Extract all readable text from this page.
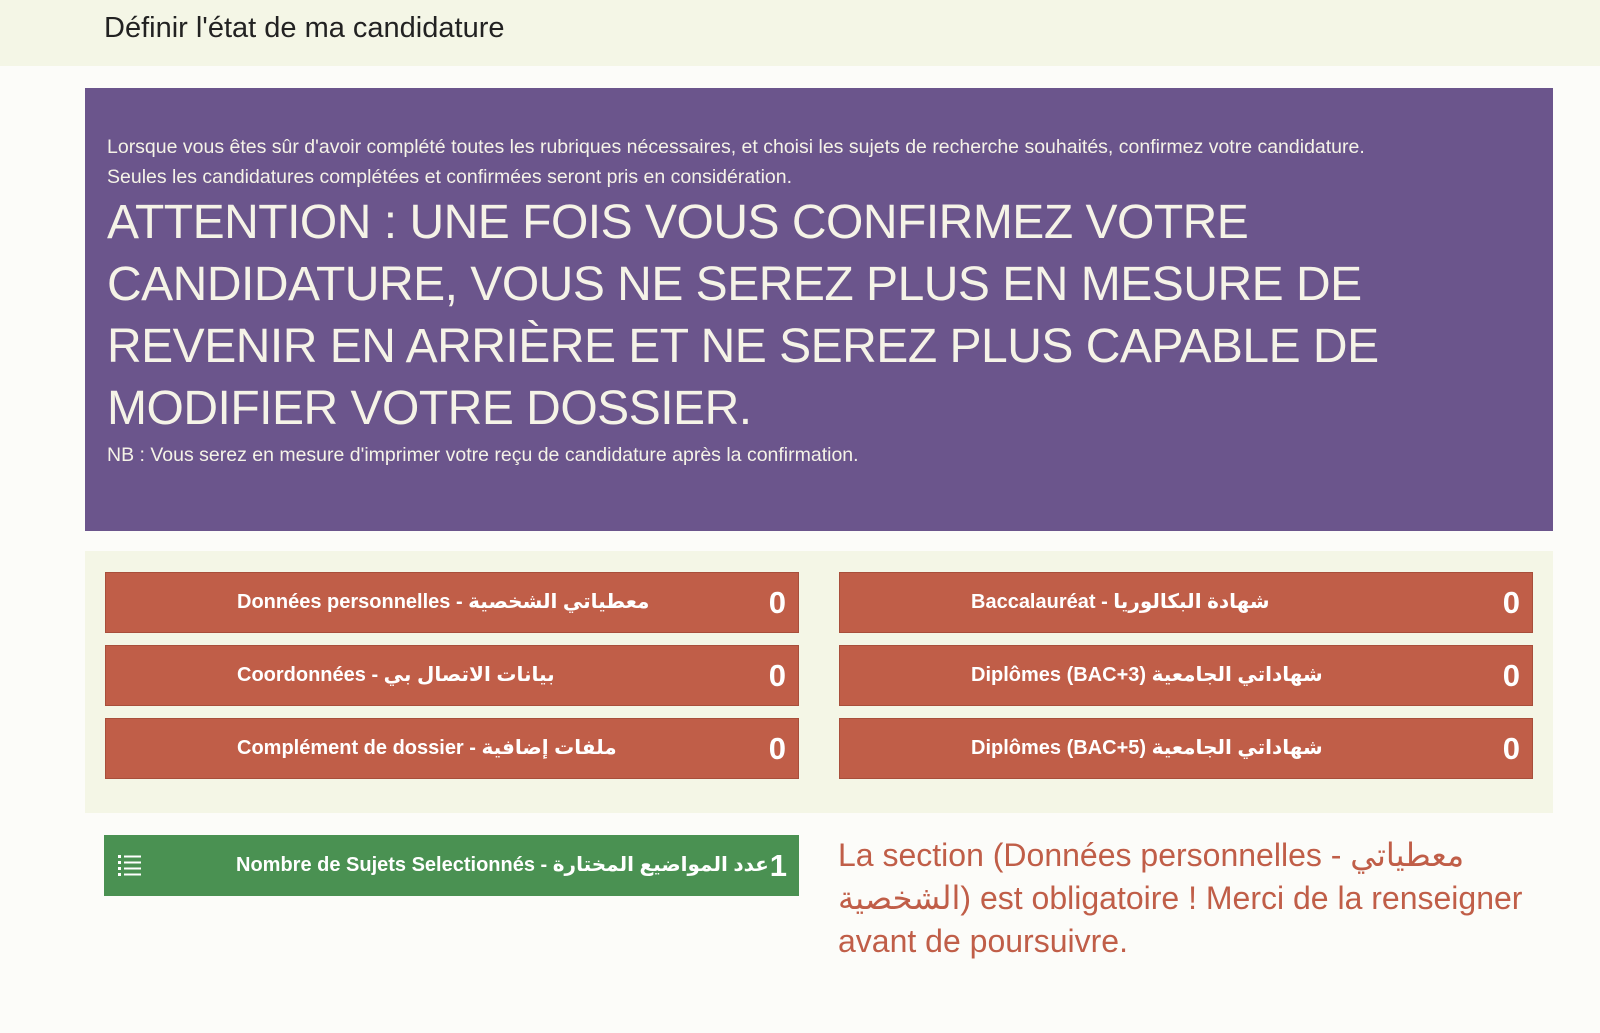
Définir l'état de ma candidature

Lorsque vous êtes sûr d'avoir complété toutes les rubriques nécessaires, et choisi les sujets de recherche souhaités, confirmez votre candidature.

Seules les candidatures complétées et confirmées seront pris en considération.

ATTENTION : UNE FOIS VOUS CONFIRMEZ VOTRE CANDIDATURE, VOUS NE SEREZ PLUS EN MESURE DE REVENIR EN ARRIÈRE ET NE SEREZ PLUS CAPABLE DE MODIFIER VOTRE DOSSIER.

NB : Vous serez en mesure d'imprimer votre reçu de candidature après la confirmation.

Données personnelles - معطياتي الشخصية	0	Baccalauréat - شهادة البكالوريا	0
Coordonnées - بيانات الاتصال بي	0	Diplômes (BAC+3) شهاداتي الجامعية	0
Complément de dossier - ملفات إضافية	0	Diplômes (BAC+5) شهاداتي الجامعية	0
Nombre de Sujets Selectionnés - عدد المواضيع المختارة 1 La section (Données personnelles - معطياتي الشخصية) est obligatoire ! Merci de la renseigner avant de poursuivre.
